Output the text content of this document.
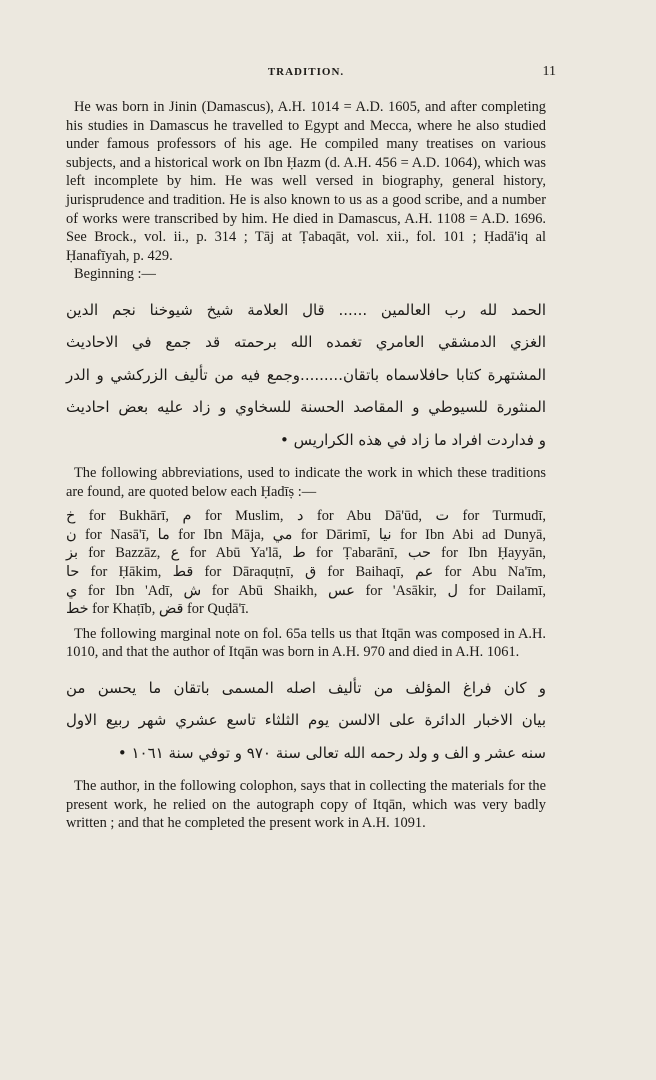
TRADITION.	11

He was born in Jinin (Damascus), A.H. 1014 = A.D. 1605, and after completing his studies in Damascus he travelled to Egypt and Mecca, where he also studied under famous professors of his age. He compiled many treatises on various subjects, and a historical work on Ibn Ḥazm (d. A.H. 456 = A.D. 1064), which was left incomplete by him. He was well versed in biography, general history, jurisprudence and tradition. He is also known to us as a good scribe, and a number of works were transcribed by him. He died in Damascus, A.H. 1108 = A.D. 1696. See Brock., vol. ii., p. 314 ; Tāj at Ṭabaqāt, vol. xii., fol. 101 ; Ḥadā'iq al Ḥanafīyah, p. 429.

Beginning :—

الحمد لله رب العالمين ...... قال العلامة شيخ شيوخنا نجم الدين
الغزي الدمشقي العامري تغمده الله برحمته قد جمع في الاحاديث
المشتهرة كتابا حافلاسماه باتقان.........وجمع فيه من تأليف الزركشي و الدر
المنثورة للسيوطي و المقاصد الحسنة للسخاوي و زاد عليه بعض احاديث
و فداردت افراد ما زاد في هذه الكراريس •

The following abbreviations, used to indicate the work in which these traditions are found, are quoted below each Ḥadīṣ :—

خ for Bukhārī, م for Muslim, د for Abu Dā'ūd, ت for Turmudī,

ن for Nasā'ī, ما for Ibn Māja, مي for Dārimī, نيا for Ibn Abi ad Dunyā,

بز for Bazzāz, ع for Abū Ya'lā, ط for Ṭabarānī, حب for Ibn Ḥayyān,

حا for Ḥākim, قط for Dāraquṭnī, ق for Baihaqī, عم for Abu Na'īm,

ي for Ibn 'Adī, ش for Abū Shaikh, عس for 'Asākir, ل for Dailamī,

خط for Khaṭīb, قض for Quḍā'ī.

The following marginal note on fol. 65a tells us that Itqān was composed in A.H. 1010, and that the author of Itqān was born in A.H. 970 and died in A.H. 1061.

و كان فراغ المؤلف من تأليف اصله المسمى باتقان ما يحسن من
بيان الاخبار الدائرة على الالسن يوم الثلثاء تاسع عشري شهر ربيع الاول
سنه عشر و الف و ولد رحمه الله تعالى سنة ٩٧٠ و توفي سنة ١٠٦١ •

The author, in the following colophon, says that in collecting the materials for the present work, he relied on the autograph copy of Itqān, which was very badly written ; and that he completed the present work in A.H. 1091.
